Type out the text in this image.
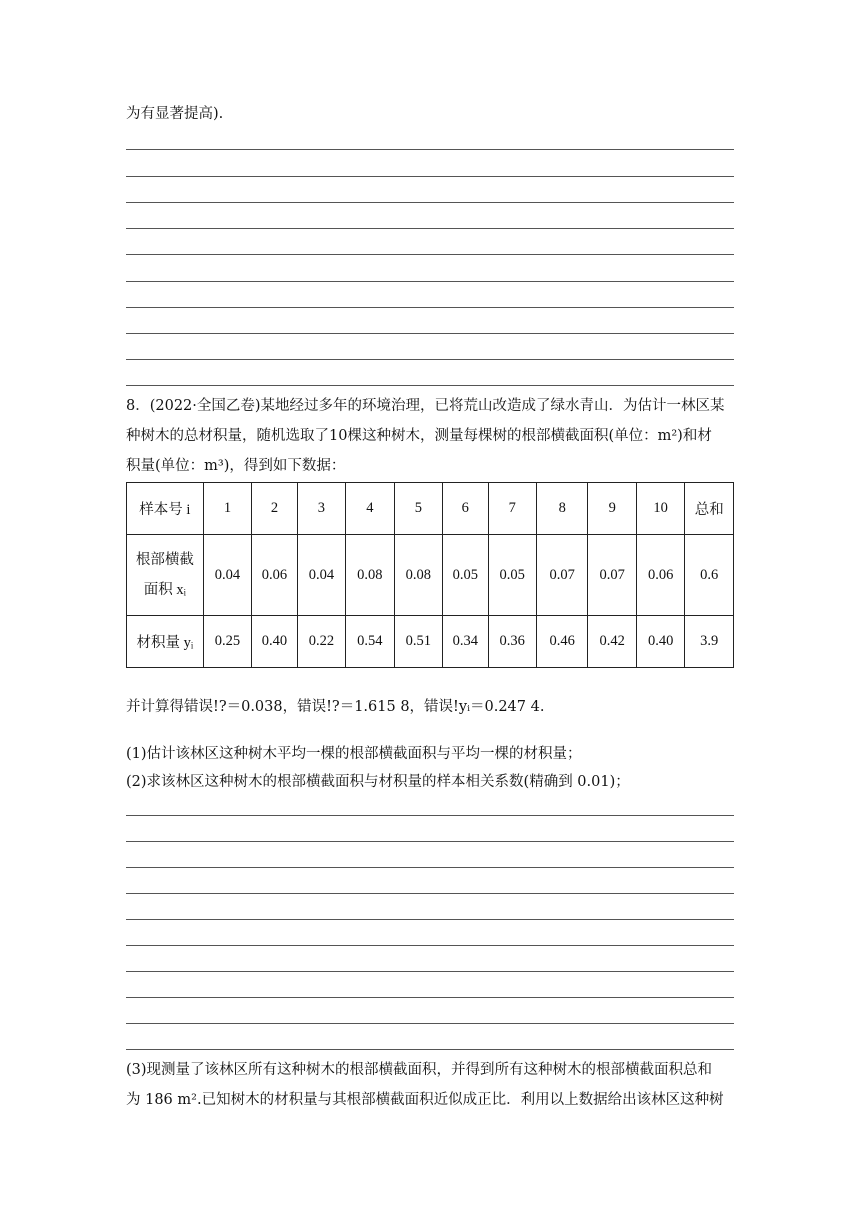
为有显著提高).
8．(2022·全国乙卷)某地经过多年的环境治理，已将荒山改造成了绿水青山．为估计一林区某
种树木的总材积量，随机选取了10棵这种树木，测量每棵树的根部横截面积(单位：m²)和材
积量(单位：m³)，得到如下数据：
样本号 i	1	2	3	4	5	6	7	8	9	10	总和
根部横截
面积 xᵢ	0.04	0.06	0.04	0.08	0.08	0.05	0.05	0.07	0.07	0.06	0.6
材积量 yᵢ	0.25	0.40	0.22	0.54	0.51	0.34	0.36	0.46	0.42	0.40	3.9
并计算得错误!?＝0.038，错误!?＝1.615 8，错误!yᵢ＝0.247 4.
(1)估计该林区这种树木平均一棵的根部横截面积与平均一棵的材积量；
(2)求该林区这种树木的根部横截面积与材积量的样本相关系数(精确到 0.01)；
(3)现测量了该林区所有这种树木的根部横截面积，并得到所有这种树木的根部横截面积总和
为 186 m².已知树木的材积量与其根部横截面积近似成正比．利用以上数据给出该林区这种树
